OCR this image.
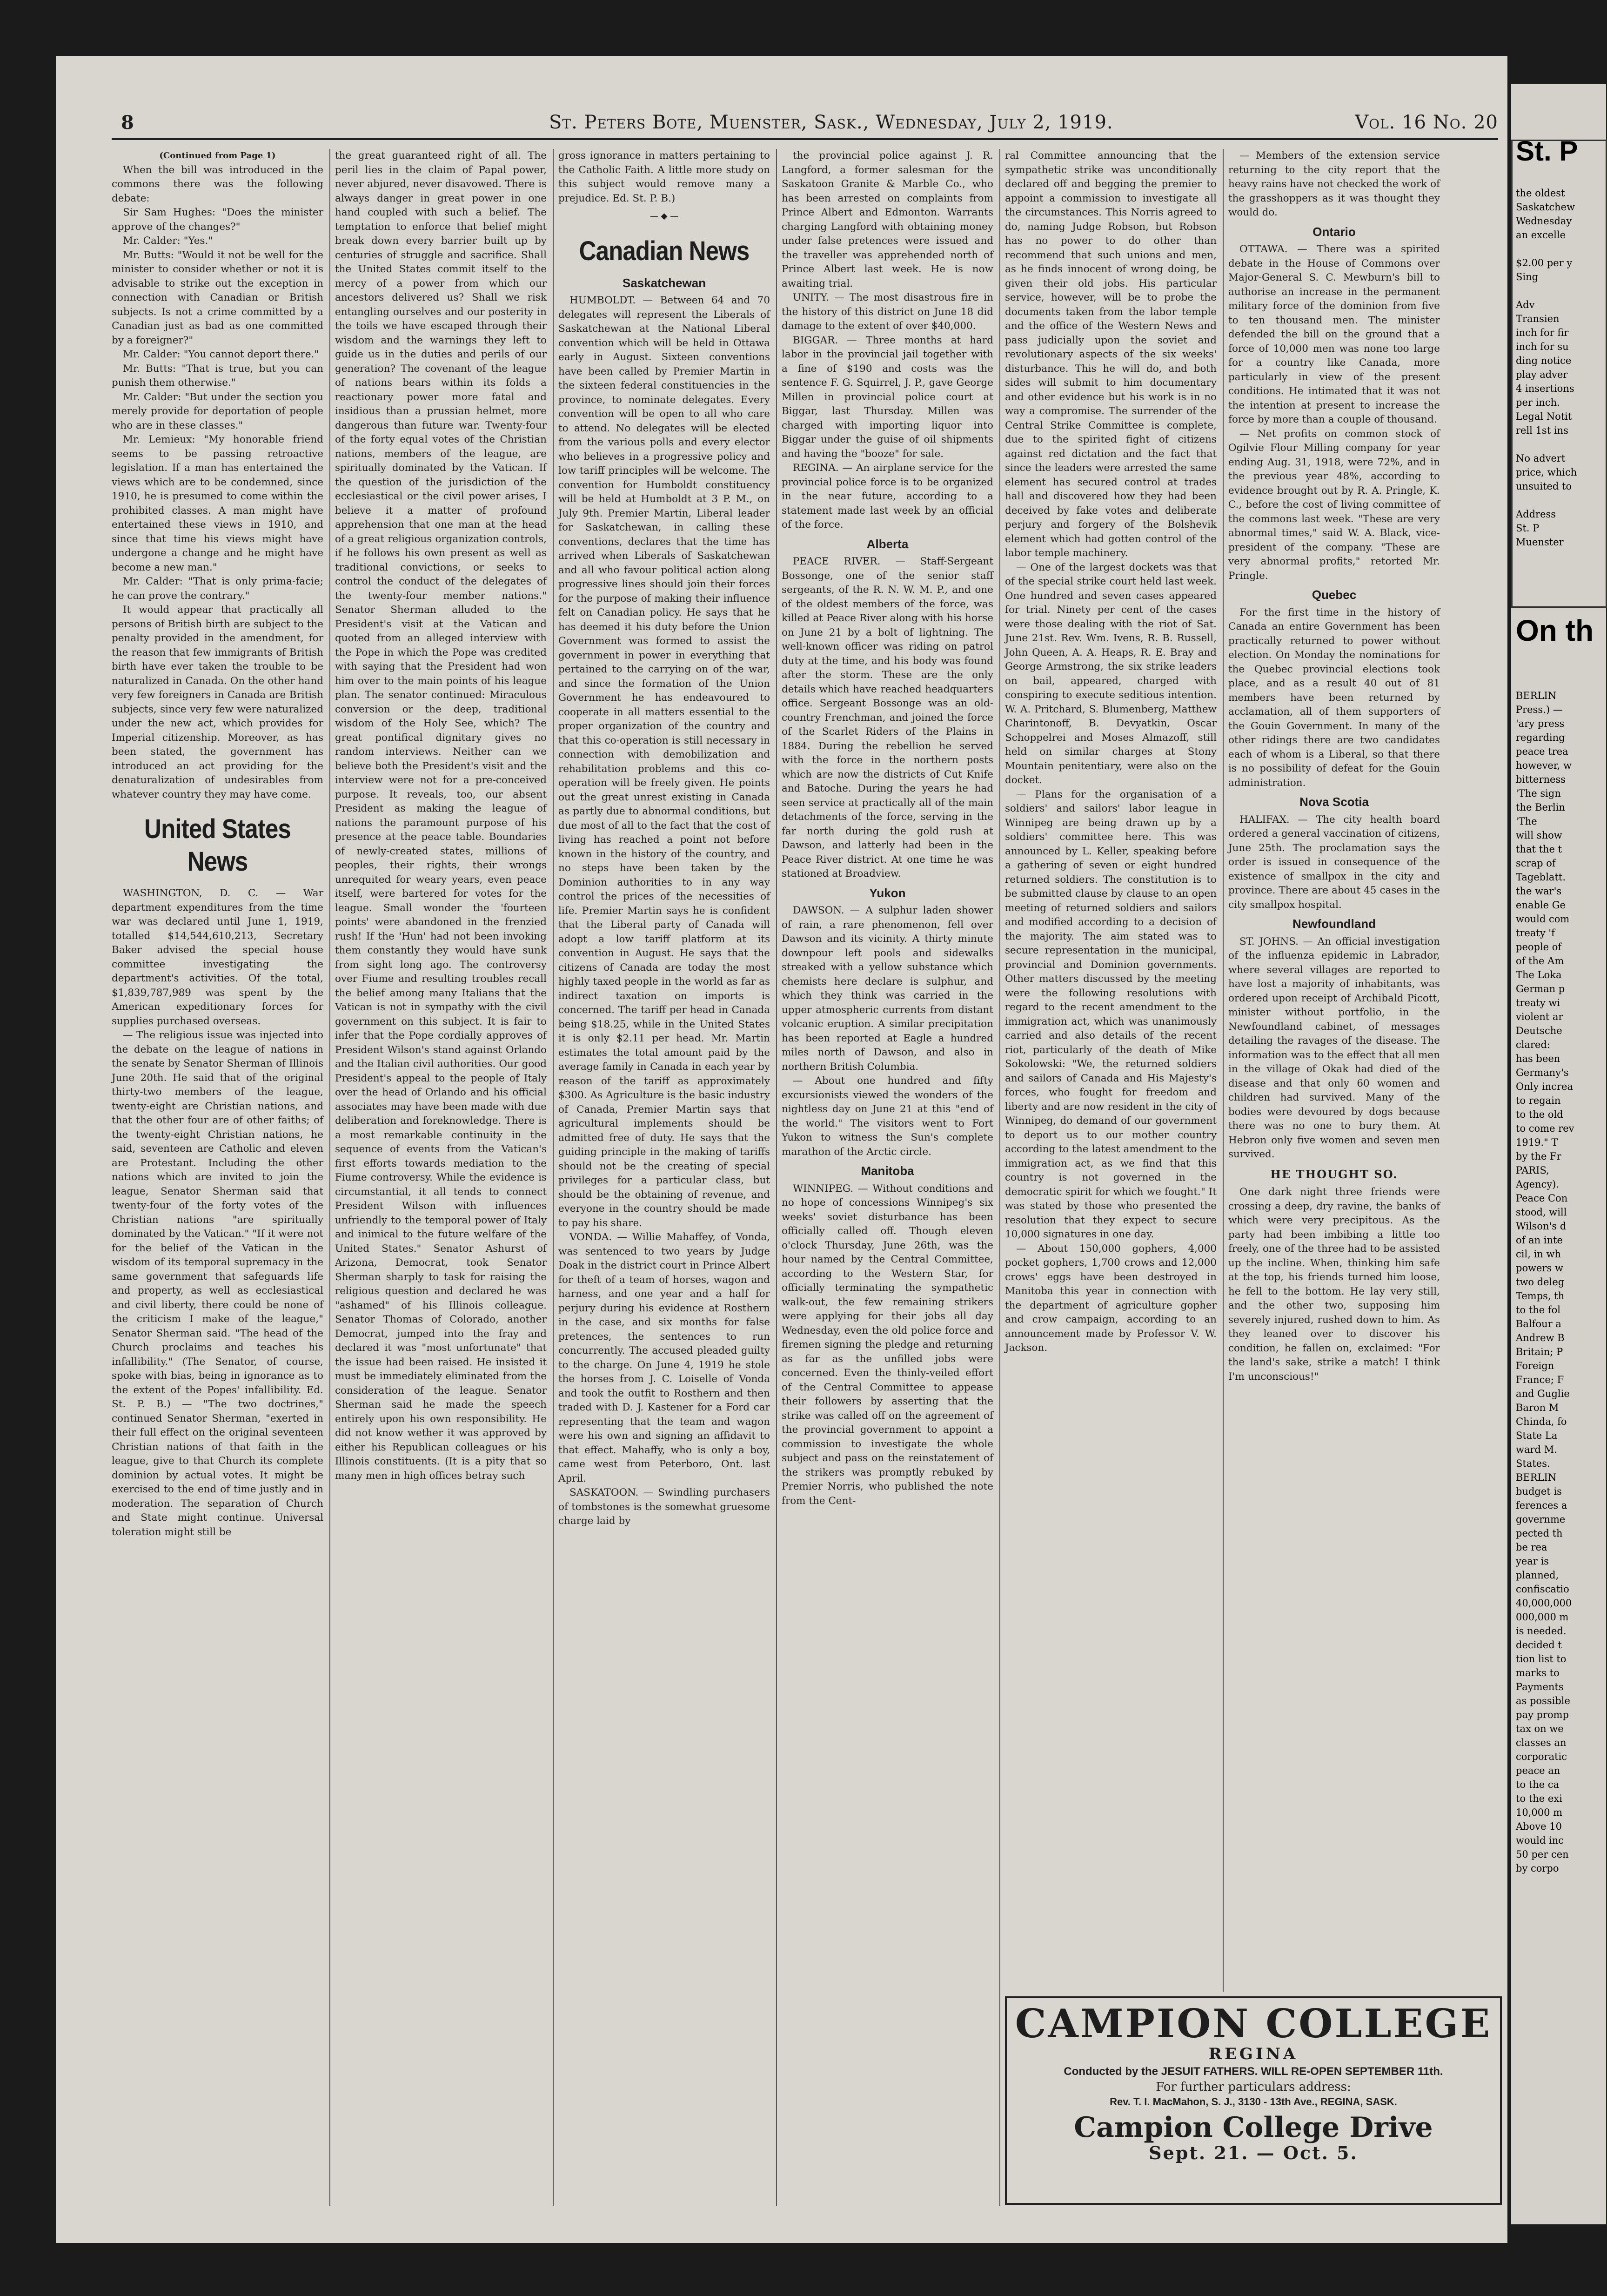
8	St. Peters Bote, Muenster, Sask., Wednesday, July 2, 1919.	Vol. 16 No. 20

(Continued from Page 1)

When the bill was introduced in the commons there was the following debate:

Sir Sam Hughes: "Does the minister approve of the changes?"

Mr. Calder: "Yes."

Mr. Butts: "Would it not be well for the minister to consider whether or not it is advisable to strike out the exception in connection with Canadian or British subjects. Is not a crime committed by a Canadian just as bad as one committed by a foreigner?"

Mr. Calder: "You cannot deport there."

Mr. Butts: "That is true, but you can punish them otherwise."

Mr. Calder: "But under the section you merely provide for deportation of people who are in these classes."

Mr. Lemieux: "My honorable friend seems to be passing retroactive legislation. If a man has entertained the views which are to be condemned, since 1910, he is presumed to come within the prohibited classes. A man might have entertained these views in 1910, and since that time his views might have undergone a change and he might have become a new man."

Mr. Calder: "That is only prima-facie; he can prove the contrary."

It would appear that practically all persons of British birth are subject to the penalty provided in the amendment, for the reason that few immigrants of British birth have ever taken the trouble to be naturalized in Canada. On the other hand very few foreigners in Canada are British subjects, since very few were naturalized under the new act, which provides for Imperial citizenship. Moreover, as has been stated, the government has introduced an act providing for the denaturalization of undesirables from whatever country they may have come.

United States News

WASHINGTON, D. C. — War department expenditures from the time war was declared until June 1, 1919, totalled $14,544,610,213, Secretary Baker advised the special house committee investigating the department's activities. Of the total, $1,839,787,989 was spent by the American expeditionary forces for supplies purchased overseas.

— The religious issue was injected into the debate on the league of nations in the senate by Senator Sherman of Illinois June 20th. He said that of the original thirty-two members of the league, twenty-eight are Christian nations, and that the other four are of other faiths; of the twenty-eight Christian nations, he said, seventeen are Catholic and eleven are Protestant. Including the other nations which are invited to join the league, Senator Sherman said that twenty-four of the forty votes of the Christian nations "are spiritually dominated by the Vatican." "If it were not for the belief of the Vatican in the wisdom of its temporal supremacy in the same government that safeguards life and property, as well as ecclesiastical and civil liberty, there could be none of the criticism I make of the league," Senator Sherman said. "The head of the Church proclaims and teaches his infallibility." (The Senator, of course, spoke with bias, being in ignorance as to the extent of the Popes' infallibility. Ed. St. P. B.) — "The two doctrines," continued Senator Sherman, "exerted in their full effect on the original seventeen Christian nations of that faith in the league, give to that Church its complete dominion by actual votes. It might be exercised to the end of time justly and in moderation. The separation of Church and State might continue. Universal toleration might still be

the great guaranteed right of all. The peril lies in the claim of Papal power, never abjured, never disavowed. There is always danger in great power in one hand coupled with such a belief. The temptation to enforce that belief might break down every barrier built up by centuries of struggle and sacrifice. Shall the United States commit itself to the mercy of a power from which our ancestors delivered us? Shall we risk entangling ourselves and our posterity in the toils we have escaped through their wisdom and the warnings they left to guide us in the duties and perils of our generation? The covenant of the league of nations bears within its folds a reactionary power more fatal and insidious than a prussian helmet, more dangerous than future war. Twenty-four of the forty equal votes of the Christian nations, members of the league, are spiritually dominated by the Vatican. If the question of the jurisdiction of the ecclesiastical or the civil power arises, I believe it a matter of profound apprehension that one man at the head of a great religious organization controls, if he follows his own present as well as traditional convictions, or seeks to control the conduct of the delegates of the twenty-four member nations." Senator Sherman alluded to the President's visit at the Vatican and quoted from an alleged interview with the Pope in which the Pope was credited with saying that the President had won him over to the main points of his league plan. The senator continued: Miraculous conversion or the deep, traditional wisdom of the Holy See, which? The great pontifical dignitary gives no random interviews. Neither can we believe both the President's visit and the interview were not for a pre-conceived purpose. It reveals, too, our absent President as making the league of nations the paramount purpose of his presence at the peace table. Boundaries of newly-created states, millions of peoples, their rights, their wrongs unrequited for weary years, even peace itself, were bartered for votes for the league. Small wonder the 'fourteen points' were abandoned in the frenzied rush! If the 'Hun' had not been invoking them constantly they would have sunk from sight long ago. The controversy over Fiume and resulting troubles recall the belief among many Italians that the Vatican is not in sympathy with the civil government on this subject. It is fair to infer that the Pope cordially approves of President Wilson's stand against Orlando and the Italian civil authorities. Our good President's appeal to the people of Italy over the head of Orlando and his official associates may have been made with due deliberation and foreknowledge. There is a most remarkable continuity in the sequence of events from the Vatican's first efforts towards mediation to the Fiume controversy. While the evidence is circumstantial, it all tends to connect President Wilson with influences unfriendly to the temporal power of Italy and inimical to the future welfare of the United States." Senator Ashurst of Arizona, Democrat, took Senator Sherman sharply to task for raising the religious question and declared he was "ashamed" of his Illinois colleague. Senator Thomas of Colorado, another Democrat, jumped into the fray and declared it was "most unfortunate" that the issue had been raised. He insisted it must be immediately eliminated from the consideration of the league. Senator Sherman said he made the speech entirely upon his own responsibility. He did not know wether it was approved by either his Republican colleagues or his Illinois constituents. (It is a pity that so many men in high offices betray such

gross ignorance in matters pertaining to the Catholic Faith. A little more study on this subject would remove many a prejudice. Ed. St. P. B.)

— ◆ —
Canadian News
Saskatchewan

HUMBOLDT. — Between 64 and 70 delegates will represent the Liberals of Saskatchewan at the National Liberal convention which will be held in Ottawa early in August. Sixteen conventions have been called by Premier Martin in the sixteen federal constituencies in the province, to nominate delegates. Every convention will be open to all who care to attend. No delegates will be elected from the various polls and every elector who believes in a progressive policy and low tariff principles will be welcome. The convention for Humboldt constituency will be held at Humboldt at 3 P. M., on July 9th. Premier Martin, Liberal leader for Saskatchewan, in calling these conventions, declares that the time has arrived when Liberals of Saskatchewan and all who favour political action along progressive lines should join their forces for the purpose of making their influence felt on Canadian policy. He says that he has deemed it his duty before the Union Government was formed to assist the government in power in everything that pertained to the carrying on of the war, and since the formation of the Union Government he has endeavoured to cooperate in all matters essential to the proper organization of the country and that this co-operation is still necessary in connection with demobilization and rehabilitation problems and this co-operation will be freely given. He points out the great unrest existing in Canada as partly due to abnormal conditions, but due most of all to the fact that the cost of living has reached a point not before known in the history of the country, and no steps have been taken by the Dominion authorities to in any way control the prices of the necessities of life. Premier Martin says he is confident that the Liberal party of Canada will adopt a low tariff platform at its convention in August. He says that the citizens of Canada are today the most highly taxed people in the world as far as indirect taxation on imports is concerned. The tariff per head in Canada being $18.25, while in the United States it is only $2.11 per head. Mr. Martin estimates the total amount paid by the average family in Canada in each year by reason of the tariff as approximately $300. As Agriculture is the basic industry of Canada, Premier Martin says that agricultural implements should be admitted free of duty. He says that the guiding principle in the making of tariffs should not be the creating of special privileges for a particular class, but should be the obtaining of revenue, and everyone in the country should be made to pay his share.

VONDA. — Willie Mahaffey, of Vonda, was sentenced to two years by Judge Doak in the district court in Prince Albert for theft of a team of horses, wagon and harness, and one year and a half for perjury during his evidence at Rosthern in the case, and six months for false pretences, the sentences to run concurrently. The accused pleaded guilty to the charge. On June 4, 1919 he stole the horses from J. C. Loiselle of Vonda and took the outfit to Rosthern and then traded with D. J. Kastener for a Ford car representing that the team and wagon were his own and signing an affidavit to that effect. Mahaffy, who is only a boy, came west from Peterboro, Ont. last April.

SASKATOON. — Swindling purchasers of tombstones is the somewhat gruesome charge laid by

the provincial police against J. R. Langford, a former salesman for the Saskatoon Granite & Marble Co., who has been arrested on complaints from Prince Albert and Edmonton. Warrants charging Langford with obtaining money under false pretences were issued and the traveller was apprehended north of Prince Albert last week. He is now awaiting trial.

UNITY. — The most disastrous fire in the history of this district on June 18 did damage to the extent of over $40,000.

BIGGAR. — Three months at hard labor in the provincial jail together with a fine of $190 and costs was the sentence F. G. Squirrel, J. P., gave George Millen in provincial police court at Biggar, last Thursday. Millen was charged with importing liquor into Biggar under the guise of oil shipments and having the "booze" for sale.

REGINA. — An airplane service for the provincial police force is to be organized in the near future, according to a statement made last week by an official of the force.

Alberta

PEACE RIVER. — Staff-Sergeant Bossonge, one of the senior staff sergeants, of the R. N. W. M. P., and one of the oldest members of the force, was killed at Peace River along with his horse on June 21 by a bolt of lightning. The well-known officer was riding on patrol duty at the time, and his body was found after the storm. These are the only details which have reached headquarters office. Sergeant Bossonge was an old-country Frenchman, and joined the force of the Scarlet Riders of the Plains in 1884. During the rebellion he served with the force in the northern posts which are now the districts of Cut Knife and Batoche. During the years he had seen service at practically all of the main detachments of the force, serving in the far north during the gold rush at Dawson, and latterly had been in the Peace River district. At one time he was stationed at Broadview.

Yukon

DAWSON. — A sulphur laden shower of rain, a rare phenomenon, fell over Dawson and its vicinity. A thirty minute downpour left pools and sidewalks streaked with a yellow substance which chemists here declare is sulphur, and which they think was carried in the upper atmospheric currents from distant volcanic eruption. A similar precipitation has been reported at Eagle a hundred miles north of Dawson, and also in northern British Columbia.

— About one hundred and fifty excursionists viewed the wonders of the nightless day on June 21 at this "end of the world." The visitors went to Fort Yukon to witness the Sun's complete marathon of the Arctic circle.

Manitoba

WINNIPEG. — Without conditions and no hope of concessions Winnipeg's six weeks' soviet disturbance has been officially called off. Though eleven o'clock Thursday, June 26th, was the hour named by the Central Committee, according to the Western Star, for officially terminating the sympathetic walk-out, the few remaining strikers were applying for their jobs all day Wednesday, even the old police force and firemen signing the pledge and returning as far as the unfilled jobs were concerned. Even the thinly-veiled effort of the Central Committee to appease their followers by asserting that the strike was called off on the agreement of the provincial government to appoint a commission to investigate the whole subject and pass on the reinstatement of the strikers was promptly rebuked by Premier Norris, who published the note from the Cent-

ral Committee announcing that the sympathetic strike was unconditionally declared off and begging the premier to appoint a commission to investigate all the circumstances. This Norris agreed to do, naming Judge Robson, but Robson has no power to do other than recommend that such unions and men, as he finds innocent of wrong doing, be given their old jobs. His particular service, however, will be to probe the documents taken from the labor temple and the office of the Western News and pass judicially upon the soviet and revolutionary aspects of the six weeks' disturbance. This he will do, and both sides will submit to him documentary and other evidence but his work is in no way a compromise. The surrender of the Central Strike Committee is complete, due to the spirited fight of citizens against red dictation and the fact that since the leaders were arrested the same element has secured control at trades hall and discovered how they had been deceived by fake votes and deliberate perjury and forgery of the Bolshevik element which had gotten control of the labor temple machinery.

— One of the largest dockets was that of the special strike court held last week. One hundred and seven cases appeared for trial. Ninety per cent of the cases were those dealing with the riot of Sat. June 21st. Rev. Wm. Ivens, R. B. Russell, John Queen, A. A. Heaps, R. E. Bray and George Armstrong, the six strike leaders on bail, appeared, charged with conspiring to execute seditious intention. W. A. Pritchard, S. Blumenberg, Matthew Charintonoff, B. Devyatkin, Oscar Schoppelrei and Moses Almazoff, still held on similar charges at Stony Mountain penitentiary, were also on the docket.

— Plans for the organisation of a soldiers' and sailors' labor league in Winnipeg are being drawn up by a soldiers' committee here. This was announced by L. Keller, speaking before a gathering of seven or eight hundred returned soldiers. The constitution is to be submitted clause by clause to an open meeting of returned soldiers and sailors and modified according to a decision of the majority. The aim stated was to secure representation in the municipal, provincial and Dominion governments. Other matters discussed by the meeting were the following resolutions with regard to the recent amendment to the immigration act, which was unanimously carried and also details of the recent riot, particularly of the death of Mike Sokolowski: "We, the returned soldiers and sailors of Canada and His Majesty's forces, who fought for freedom and liberty and are now resident in the city of Winnipeg, do demand of our government to deport us to our mother country according to the latest amendment to the immigration act, as we find that this country is not governed in the democratic spirit for which we fought." It was stated by those who presented the resolution that they expect to secure 10,000 signatures in one day.

— About 150,000 gophers, 4,000 pocket gophers, 1,700 crows and 12,000 crows' eggs have been destroyed in Manitoba this year in connection with the department of agriculture gopher and crow campaign, according to an announcement made by Professor V. W. Jackson.

— Members of the extension service returning to the city report that the heavy rains have not checked the work of the grasshoppers as it was thought they would do.

Ontario

OTTAWA. — There was a spirited debate in the House of Commons over Major-General S. C. Mewburn's bill to authorise an increase in the permanent military force of the dominion from five to ten thousand men. The minister defended the bill on the ground that a force of 10,000 men was none too large for a country like Canada, more particularly in view of the present conditions. He intimated that it was not the intention at present to increase the force by more than a couple of thousand.

— Net profits on common stock of Ogilvie Flour Milling company for year ending Aug. 31, 1918, were 72%, and in the previous year 48%, according to evidence brought out by R. A. Pringle, K. C., before the cost of living committee of the commons last week. "These are very abnormal times," said W. A. Black, vice-president of the company. "These are very abnormal profits," retorted Mr. Pringle.

Quebec

For the first time in the history of Canada an entire Government has been practically returned to power without election. On Monday the nominations for the Quebec provincial elections took place, and as a result 40 out of 81 members have been returned by acclamation, all of them supporters of the Gouin Government. In many of the other ridings there are two candidates each of whom is a Liberal, so that there is no possibility of defeat for the Gouin administration.

Nova Scotia

HALIFAX. — The city health board ordered a general vaccination of citizens, June 25th. The proclamation says the order is issued in consequence of the existence of smallpox in the city and province. There are about 45 cases in the city smallpox hospital.

Newfoundland

ST. JOHNS. — An official investigation of the influenza epidemic in Labrador, where several villages are reported to have lost a majority of inhabitants, was ordered upon receipt of Archibald Picott, minister without portfolio, in the Newfoundland cabinet, of messages detailing the ravages of the disease. The information was to the effect that all men in the village of Okak had died of the disease and that only 60 women and children had survived. Many of the bodies were devoured by dogs because there was no one to bury them. At Hebron only five women and seven men survived.

HE THOUGHT SO.

One dark night three friends were crossing a deep, dry ravine, the banks of which were very precipitous. As the party had been imbibing a little too freely, one of the three had to be assisted up the incline. When, thinking him safe at the top, his friends turned him loose, he fell to the bottom. He lay very still, and the other two, supposing him severely injured, rushed down to him. As they leaned over to discover his condition, he fallen on, exclaimed: "For the land's sake, strike a match! I think I'm unconscious!"

CAMPION COLLEGE
REGINA
Conducted by the JESUIT FATHERS. WILL RE-OPEN SEPTEMBER 11th.
For further particulars address:
Rev. T. I. MacMahon, S. J., 3130 - 13th Ave., REGINA, SASK.
Campion College Drive
Sept. 21. — Oct. 5.
St. P
the oldest
Saskatchew
Wednesday
an excelle

$2.00 per y
Sing

Adv
Transien
inch for fir
inch for su
ding notice
play adver
4 insertions
per inch.
Legal Notit
rell 1st ins

No advert
price, which
unsuited to

Address
St. P
Muenster
On th
BERLIN
Press.) —
'ary press
regarding
peace trea
however, w
bitterness
'The sign
the Berlin
'The
will show
that the t
scrap of
Tageblatt.
the war's
enable Ge
would com
treaty 'f
people of
of the Am
The Loka
German p
treaty wi
violent ar
Deutsche
clared:
has been
Germany's
Only increa
to regain
to the old
to come rev
1919." T
by the Fr
PARIS,
Agency).
Peace Con
stood, will
Wilson's d
of an inte
cil, in wh
powers w
two deleg
Temps, th
to the fol
Balfour a
Andrew B
Britain; P
Foreign
France; F
and Guglie
Baron M
Chinda, fo
State La
ward M.
States.
BERLIN
budget is
ferences a
governme
pected th
be rea
year is
planned,
confiscatio
40,000,000
000,000 m
is needed.
decided t
tion list to
marks to
Payments
as possible
pay promp
tax on we
classes an
corporatic
peace an
to the ca
to the exi
10,000 m
Above 10
would inc
50 per cen
by corpo
